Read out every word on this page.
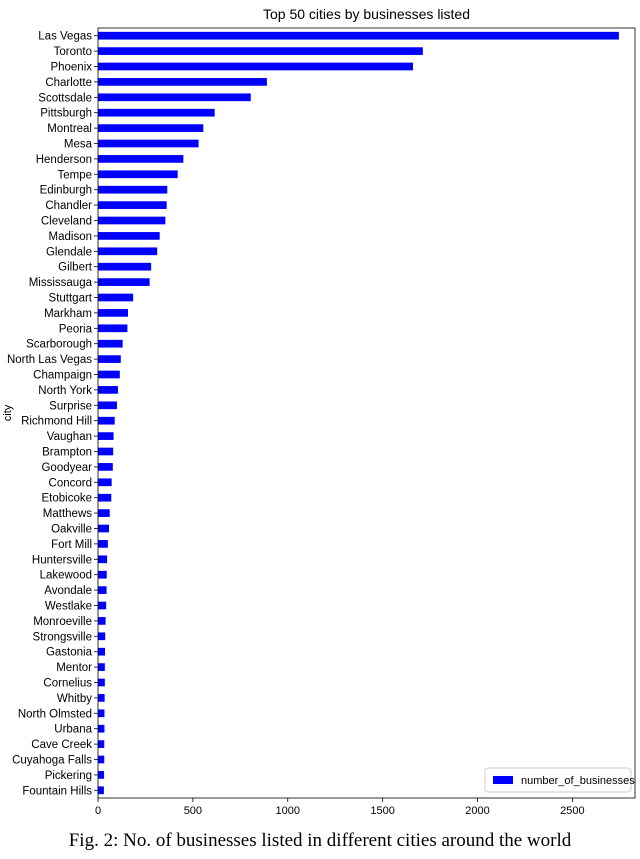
Top 50 cities by businesses listed
city
Las Vegas
Toronto
Phoenix
Charlotte
Scottsdale
Pittsburgh
Montreal
Mesa
Henderson
Tempe
Edinburgh
Chandler
Cleveland
Madison
Glendale
Gilbert
Mississauga
Stuttgart
Markham
Peoria
Scarborough
North Las Vegas
Champaign
North York
Surprise
Richmond Hill
Vaughan
Brampton
Goodyear
Concord
Etobicoke
Matthews
Oakville
Fort Mill
Huntersville
Lakewood
Avondale
Westlake
Monroeville
Strongsville
Gastonia
Mentor
Cornelius
Whitby
North Olmsted
Urbana
Cave Creek
Cuyahoga Falls
Pickering
Fountain Hills
0	500	1000	1500	2000	2500
number_of_businesses
Fig. 2: No. of businesses listed in different cities around the world
